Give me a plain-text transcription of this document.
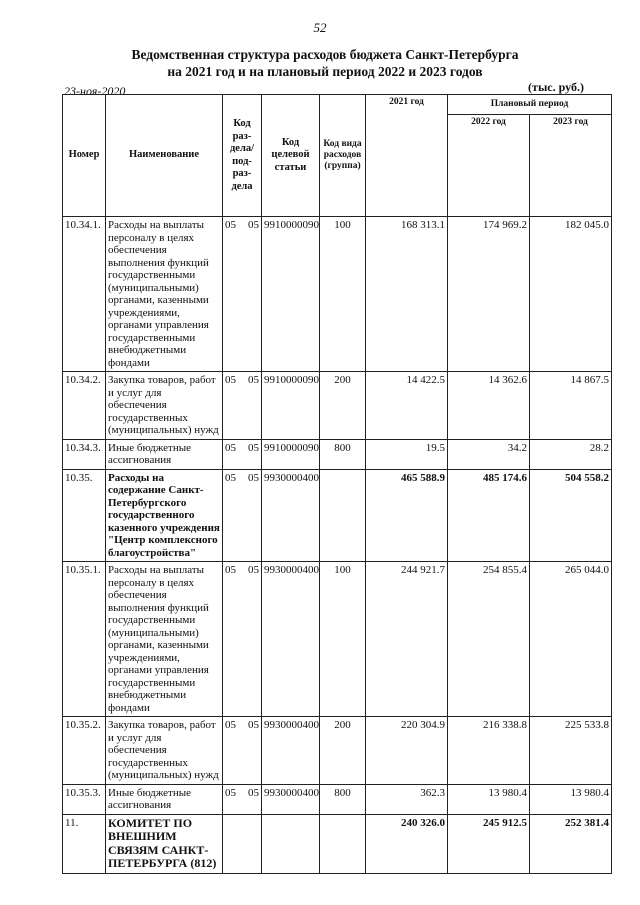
52
Ведомственная структура расходов бюджета Санкт-Петербурга
на 2021 год и на плановый период 2022 и 2023 годов
23-ноя-2020	(тыс. руб.)
Номер	Наименование	Код раз-дела/ под-раз-дела	Код целевой статьи	Код вида расходов (группа)	2021 год	Плановый период	
						2022 год	2023 год
10.34.1.	Расходы на выплаты персоналу в целях обеспечения выполнения функций государственными (муниципальными) органами, казенными учреждениями, органами управления государственными внебюджетными фондами	05 05	9910000090	100	168 313.1	174 969.2	182 045.0
10.34.2.	Закупка товаров, работ и услуг для обеспечения государственных (муниципальных) нужд	05 05	9910000090	200	14 422.5	14 362.6	14 867.5
10.34.3.	Иные бюджетные ассигнования	05 05	9910000090	800	19.5	34.2	28.2
10.35.	Расходы на содержание Санкт-Петербургского государственного казенного учреждения "Центр комплексного благоустройства"	05 05	9930000400		465 588.9	485 174.6	504 558.2
10.35.1.	Расходы на выплаты персоналу в целях обеспечения выполнения функций государственными (муниципальными) органами, казенными учреждениями, органами управления государственными внебюджетными фондами	05 05	9930000400	100	244 921.7	254 855.4	265 044.0
10.35.2.	Закупка товаров, работ и услуг для обеспечения государственных (муниципальных) нужд	05 05	9930000400	200	220 304.9	216 338.8	225 533.8
10.35.3.	Иные бюджетные ассигнования	05 05	9930000400	800	362.3	13 980.4	13 980.4
11.	КОМИТЕТ ПО ВНЕШНИМ СВЯЗЯМ САНКТ-ПЕТЕРБУРГА (812)				240 326.0	245 912.5	252 381.4
